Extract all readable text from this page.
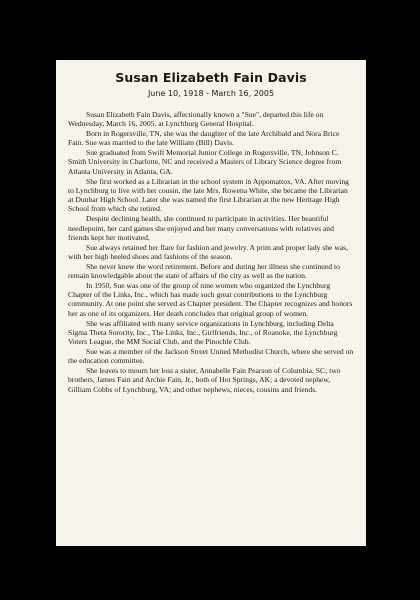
Susan Elizabeth Fain Davis
June 10, 1918 - March 16, 2005

Susan Elizabeth Fain Davis, affectionally known a "Sue", departed this life on Wednesday, March 16, 2005, at Lynchburg General Hospital.

Born in Rogersville, TN, she was the daughter of the late Archibald and Nora Brice Fain. Sue was married to the late William (Bill) Davis.

Sue graduated from Swift Memorial Junior College in Rogersville, TN, Johnson C. Smith University in Charlotte, NC and received a Masters of Library Science degree from Atlanta University in Atlanta, GA.

She first worked as a Librarian in the school system in Appomattox, VA. After moving to Lynchburg to live with her cousin, the late Mrs. Rowena White, she became the Librarian at Dunbar High School. Later she was named the first Librarian at the new Heritage High School from which she retired.

Despite declining health, she continued to participate in activities. Her beautiful needlepoint, her card games she enjoyed and her many conversations with relatives and friends kept her motivated.

Sue always retained her flare for fashion and jewelry. A prim and proper lady she was, with her high heeled shoes and fashions of the season.

She never knew the word retirement. Before and during her illness she continued to remain knowledgable about the state of affairs of the city as well as the nation.

In 1950, Sue was one of the group of nine women who organized the Lynchburg Chapter of the Links, Inc., which has made such great contributions to the Lynchburg community. At one point she served as Chapter president. The Chapter recognizes and honors her as one of its organizers. Her death concludes that original group of women.

She was affiliated with many service organizations in Lynchburg, including Delta Sigma Theta Sorority, Inc., The Links, Inc., Girlfriends, Inc., of Roanoke, the Lynchburg Voters League, the MM Social Club, and the Pinochle Club.

Sue was a member of the Jackson Street United Methodist Church, where she served on the education committee.

She leaves to mourn her loss a sister, Annabelle Fain Pearson of Columbia, SC; two brothers, James Fain and Archie Fain, Jr., both of Hot Springs, AK; a devoted nephew, Gilliam Cobbs of Lynchburg, VA; and other nephews, nieces, cousins and friends.
